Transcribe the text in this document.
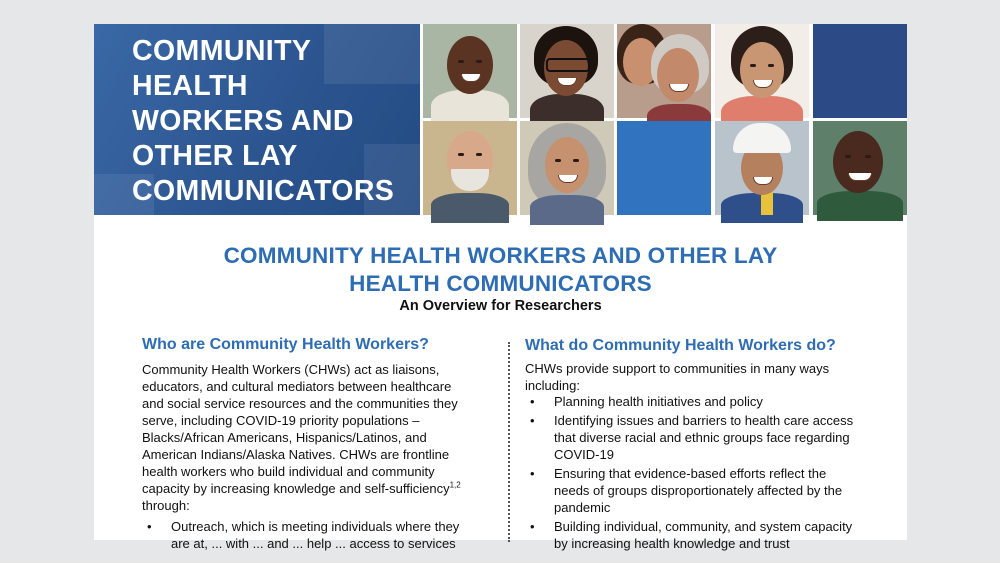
COMMUNITY
HEALTH
WORKERS AND
OTHER LAY
COMMUNICATORS
COMMUNITY HEALTH WORKERS AND OTHER LAY
HEALTH COMMUNICATORS
An Overview for Researchers
Who are Community Health Workers?
Community Health Workers (CHWs) act as liaisons, educators, and cultural mediators between healthcare and social service resources and the communities they serve, including COVID-19 priority populations – Blacks/African Americans, Hispanics/Latinos, and American Indians/Alaska Natives. CHWs are frontline health workers who build individual and community capacity by increasing knowledge and self-sufficiency$^{1,2}$
through:
• Outreach, which is meeting individuals where they are at, ... with ... and ... help ... access to services
What do Community Health Workers do?
CHWs provide support to communities in many ways including:
• Planning health initiatives and policy
• Identifying issues and barriers to health care access that diverse racial and ethnic groups face regarding COVID-19
• Ensuring that evidence-based efforts reflect the needs of groups disproportionately affected by the pandemic
• Building individual, community, and system capacity by increasing health knowledge and trust
